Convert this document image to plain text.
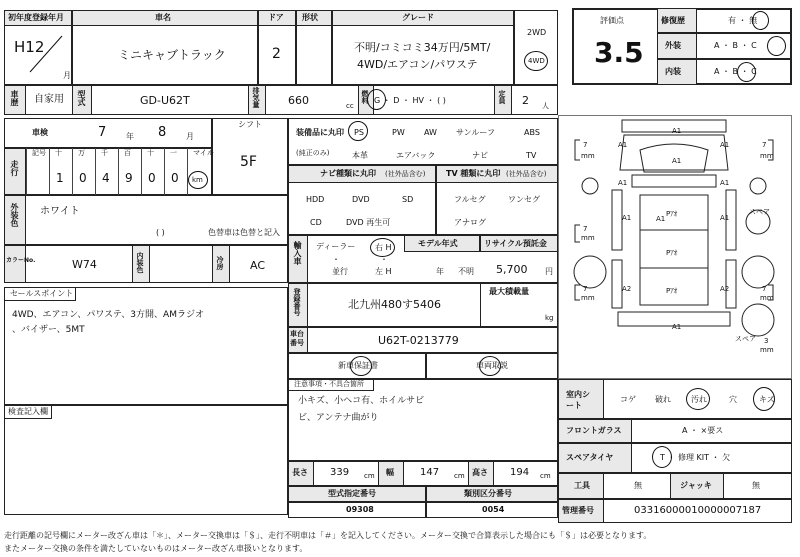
初年度登録年月
H12
月
車名
ミニキャブトラック
ドア
2
形状	グレード
不明/コミコミ34万円/5MT/
4WD/エアコン/パワステ
2WD
4WD
評価点
3.5
修復歴	有 ・ 無
外装	A ・ B ・ C
内装	A ・ B ・ C
車歴 自家用 型式	GD-U62T	排気量	660	cc
燃料 G ・ D ・ HV ・ ( )	定員 2 人
車検	7 年 8 月
シフト
5F
走行
記号 十 万 千 百 十 一 マイル
1 0 4 9 0 0 km
装備品に丸印
(純正のみ)
PS	PW AW サンルーフ	ABS
本革	エアバック	ナビ	TV
ナビ種類に丸印 (社外品含む)
HDD	DVD	SD
CD	DVD 再生可
TV 種類に丸印 (社外品含む)
フルセグ	ワンセグ
アナログ
外装色 ホワイト
( )	色替車は色替と記入
輸入車 ディーラー
・
並行
右 H
・
左 H
モデル年式
年 不明
リサイクル預託金
5,700 円
カラーNo.	W74	内装色	冷房 AC
セールスポイント
4WD、エアコン、パワステ、3方開、AMラジオ
、バイザー、5MT
登録番号	北九州480す5406
最大積載量
kg
車台番号	U62T-0213779
新車保証書	車両取説
検査記入欄
注意事項・不具合箇所
小キズ、小ヘコ有、ホイルサビ
ビ、アンテナ曲がり
長さ 339 cm 幅	147 cm 高さ 194 cm
型式指定番号
09308
類別区分番号
0054
室内シート
コゲ 破れ	汚れ	穴	キズ
フロントガラス	A ・ ×要ス
スペアタイヤ	T ・ 修理 KIT ・ 欠
工具	無	ジャッキ	無
管理番号	03316000010000007187
7
mm
7
mm
7
mm
7
mm
7
mm
スペア
スペア 3
mm
A1
A1	A1
A1
A1	A1
A1	A1
A2	A2
A1
A1
Pｱｵ
Pｱｵ
Pｱｵ
走行距離の記号欄にメーター改ざん車は「＊」、メーター交換車は「＄」、走行不明車は「＃」を記入してください。メーター交換で合算表示した場合にも「＄」は必要となります。
またメーター交換の条件を満たしていないものはメーター改ざん車扱いとなります。
